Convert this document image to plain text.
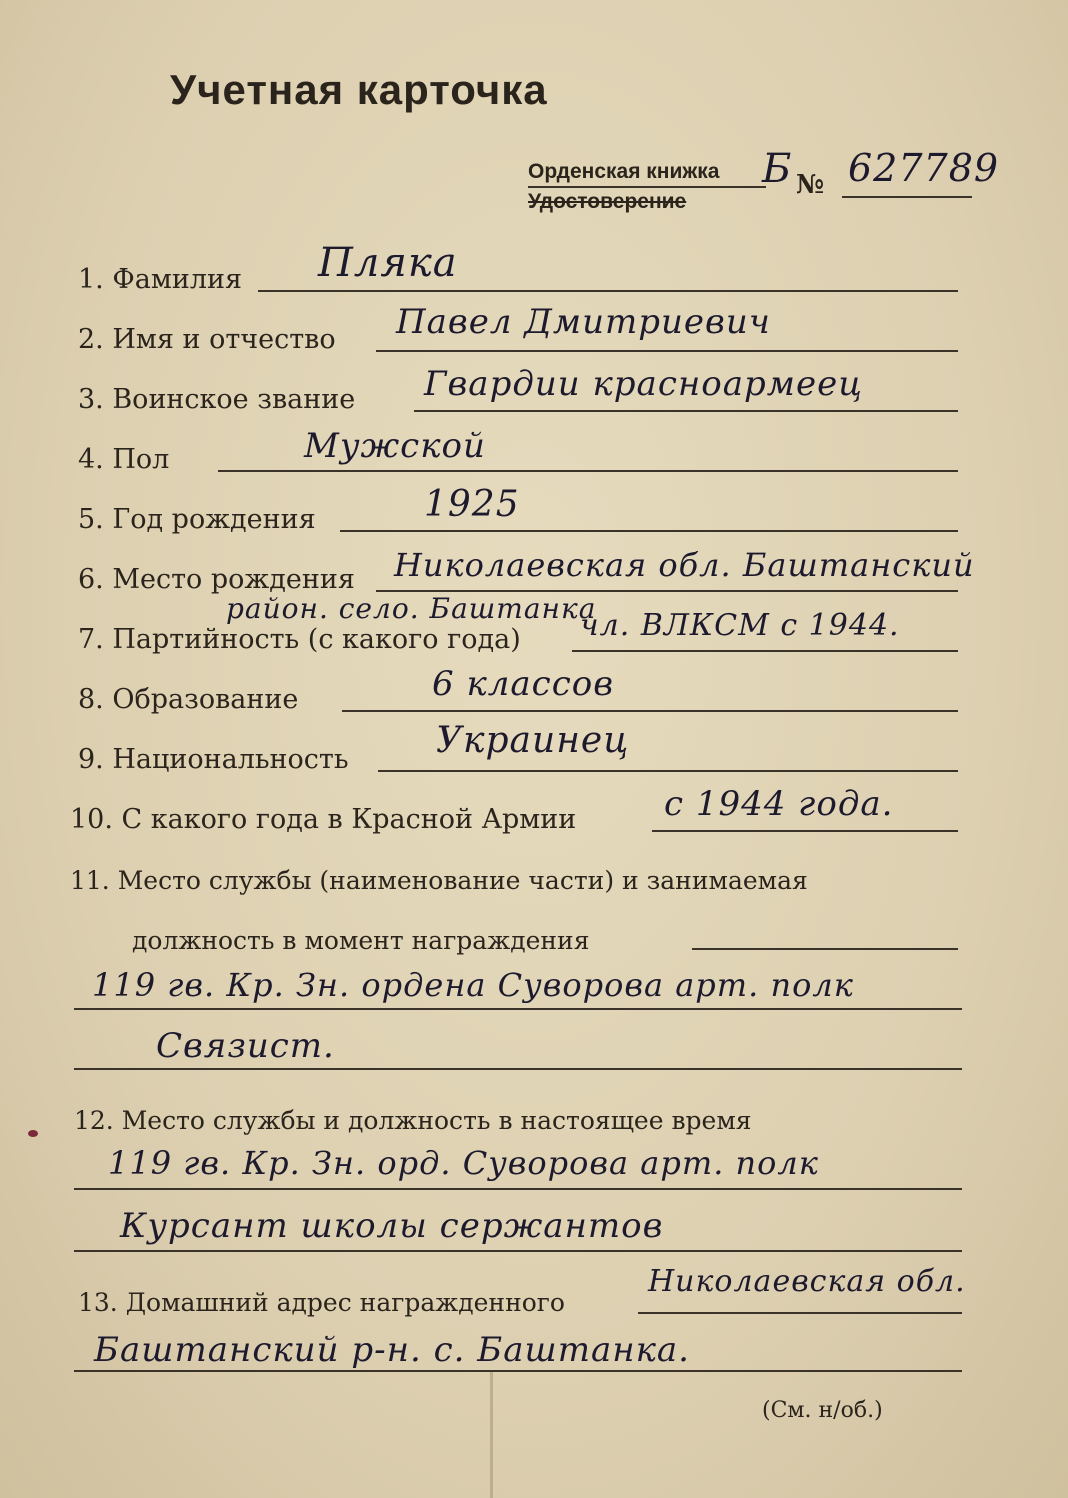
Учетная карточка
Орденская книжка
Удостоверение
Б № 627789
1. Фамилия Пляка
2. Имя и отчество Павел Дмитриевич
3. Воинское звание Гвардии красноармеец
4. Пол	Мужской
5. Год рождения	1925
6. Место рождения Николаевская обл. Баштанский
район. село. Баштанка
7. Партийность (с какого года) чл. ВЛКСМ с 1944.
8. Образование	6 классов
9. Национальность Украинец
10. С какого года в Красной Армии	с 1944 года.
11. Место службы (наименование части) и занимаемая
должность в момент награждения
119 гв. Кр. Зн. ордена Суворова арт. полк
Связист.
12. Место службы и должность в настоящее время
119 гв. Кр. Зн. орд. Суворова арт. полк
Курсант школы сержантов
13. Домашний адрес награжденного
Николаевская обл.
Баштанский р-н. с. Баштанка.
(См. н/об.)
